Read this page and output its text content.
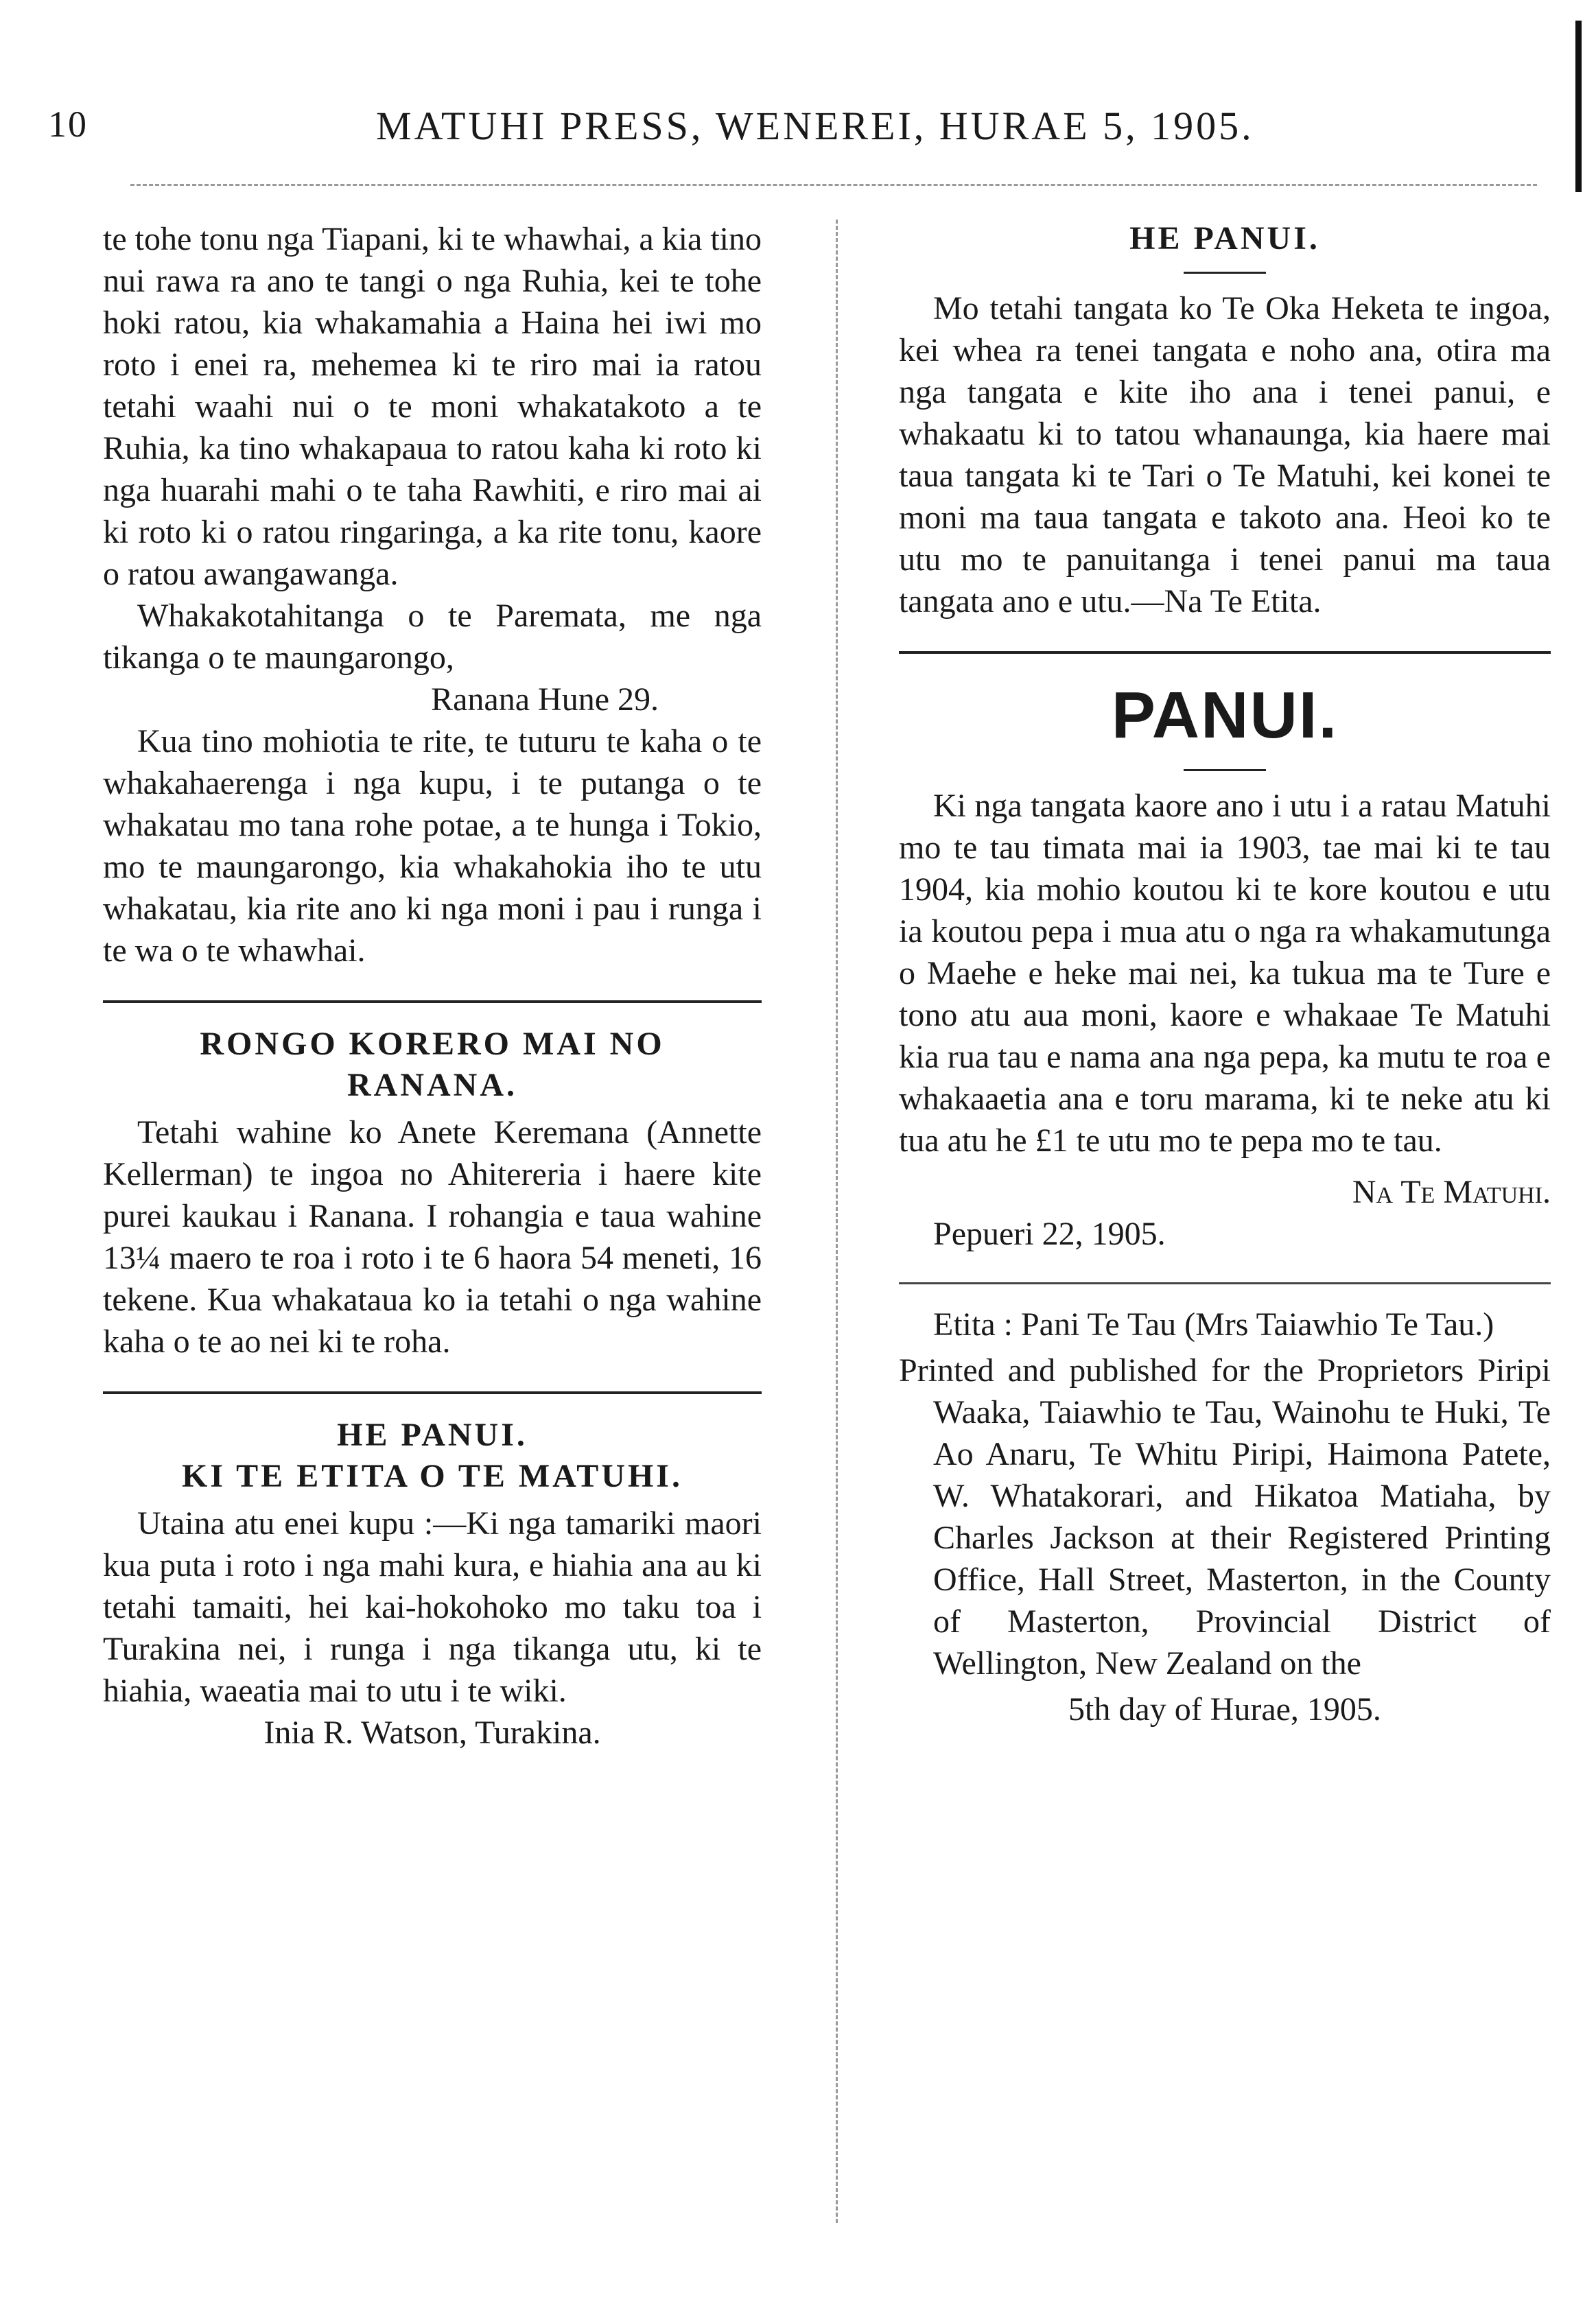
10	MATUHI PRESS, WENEREI, HURAE 5, 1905.

te tohe tonu nga Tiapani, ki te whawhai, a kia tino nui rawa ra ano te tangi o nga Ruhia, kei te tohe hoki ratou, kia whakamahia a Haina hei iwi mo roto i enei ra, mehemea ki te riro mai ia ratou tetahi waahi nui o te moni whakatakoto a te Ruhia, ka tino whakapaua to ratou kaha ki roto ki nga huarahi mahi o te taha Rawhiti, e riro mai ai ki roto ki o ratou ringaringa, a ka rite tonu, kaore o ratou awangawanga.

Whakakotahitanga o te Paremata, me nga tikanga o te maungarongo,

Ranana Hune 29.

Kua tino mohiotia te rite, te tuturu te kaha o te whakahaerenga i nga kupu, i te putanga o te whakatau mo tana rohe potae, a te hunga i Tokio, mo te maungarongo, kia whakahokia iho te utu whakatau, kia rite ano ki nga moni i pau i runga i te wa o te whawhai.

RONGO KORERO MAI NO
RANANA.

Tetahi wahine ko Anete Keremana (Annette Kellerman) te ingoa no Ahitereria i haere kite purei kaukau i Ranana. I rohangia e taua wahine 13¼ maero te roa i roto i te 6 haora 54 meneti, 16 tekene. Kua whakataua ko ia tetahi o nga wahine kaha o te ao nei ki te roha.

HE PANUI.
KI TE ETITA O TE MATUHI.

Utaina atu enei kupu :—Ki nga tamariki maori kua puta i roto i nga mahi kura, e hiahia ana au ki tetahi tamaiti, hei kai-hokohoko mo taku toa i Turakina nei, i runga i nga tikanga utu, ki te hiahia, waeatia mai to utu i te wiki.

Inia R. Watson, Turakina.

HE PANUI.

Mo tetahi tangata ko Te Oka Heketa te ingoa, kei whea ra tenei tangata e noho ana, otira ma nga tangata e kite iho ana i tenei panui, e whakaatu ki to tatou whanaunga, kia haere mai taua tangata ki te Tari o Te Matuhi, kei konei te moni ma taua tangata e takoto ana. Heoi ko te utu mo te panuitanga i tenei panui ma taua tangata ano e utu.—Na Te Etita.

PANUI.

Ki nga tangata kaore ano i utu i a ratau Matuhi mo te tau timata mai ia 1903, tae mai ki te tau 1904, kia mohio koutou ki te kore koutou e utu ia koutou pepa i mua atu o nga ra whakamutunga o Maehe e heke mai nei, ka tukua ma te Ture e tono atu aua moni, kaore e whakaae Te Matuhi kia rua tau e nama ana nga pepa, ka mutu te roa e whakaaetia ana e toru marama, ki te neke atu ki tua atu he £1 te utu mo te pepa mo te tau.

Na Te Matuhi.

Pepueri 22, 1905.

Etita : Pani Te Tau (Mrs Taiawhio Te Tau.)

Printed and published for the Proprietors Piripi Waaka, Taiawhio te Tau, Wainohu te Huki, Te Ao Anaru, Te Whitu Piripi, Haimona Patete, W. Whatakorari, and Hikatoa Matiaha, by Charles Jackson at their Registered Printing Office, Hall Street, Masterton, in the County of Masterton, Provincial District of Wellington, New Zealand on the

5th day of Hurae, 1905.
